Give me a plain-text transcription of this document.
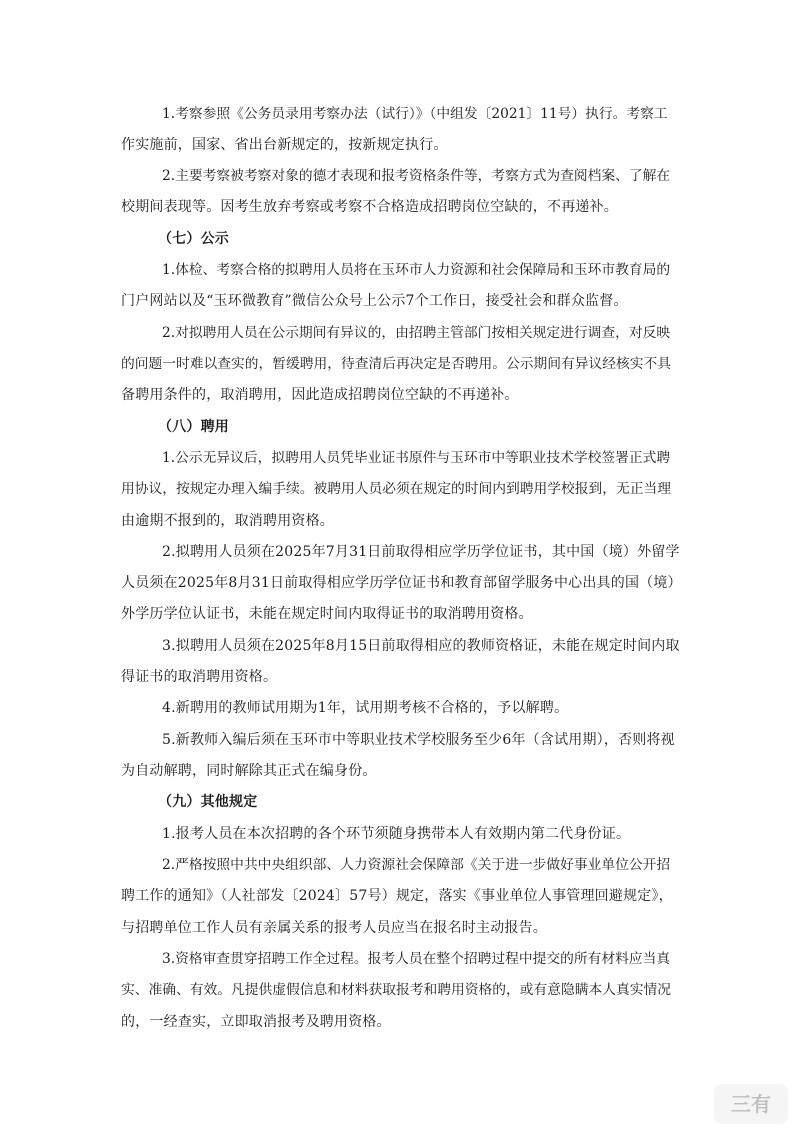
1.考察参照《公务员录用考察办法（试行）》（中组发〔2021〕11号）执行。考察工
作实施前，国家、省出台新规定的，按新规定执行。
2.主要考察被考察对象的德才表现和报考资格条件等，考察方式为查阅档案、了解在
校期间表现等。因考生放弃考察或考察不合格造成招聘岗位空缺的，不再递补。
（七）公示
1.体检、考察合格的拟聘用人员将在玉环市人力资源和社会保障局和玉环市教育局的
门户网站以及“玉环微教育”微信公众号上公示7个工作日，接受社会和群众监督。
2.对拟聘用人员在公示期间有异议的，由招聘主管部门按相关规定进行调查，对反映
的问题一时难以查实的，暂缓聘用，待查清后再决定是否聘用。公示期间有异议经核实不具
备聘用条件的，取消聘用，因此造成招聘岗位空缺的不再递补。
（八）聘用
1.公示无异议后，拟聘用人员凭毕业证书原件与玉环市中等职业技术学校签署正式聘
用协议，按规定办理入编手续。被聘用人员必须在规定的时间内到聘用学校报到，无正当理
由逾期不报到的，取消聘用资格。
2.拟聘用人员须在2025年7月31日前取得相应学历学位证书，其中国（境）外留学
人员须在2025年8月31日前取得相应学历学位证书和教育部留学服务中心出具的国（境）
外学历学位认证书，未能在规定时间内取得证书的取消聘用资格。
3.拟聘用人员须在2025年8月15日前取得相应的教师资格证，未能在规定时间内取
得证书的取消聘用资格。
4.新聘用的教师试用期为1年，试用期考核不合格的，予以解聘。
5.新教师入编后须在玉环市中等职业技术学校服务至少6年（含试用期），否则将视
为自动解聘，同时解除其正式在编身份。
（九）其他规定
1.报考人员在本次招聘的各个环节须随身携带本人有效期内第二代身份证。
2.严格按照中共中央组织部、人力资源社会保障部《关于进一步做好事业单位公开招
聘工作的通知》（人社部发〔2024〕57号）规定，落实《事业单位人事管理回避规定》，
与招聘单位工作人员有亲属关系的报考人员应当在报名时主动报告。
3.资格审查贯穿招聘工作全过程。报考人员在整个招聘过程中提交的所有材料应当真
实、准确、有效。凡提供虚假信息和材料获取报考和聘用资格的，或有意隐瞒本人真实情况
的，一经查实，立即取消报考及聘用资格。
三有
